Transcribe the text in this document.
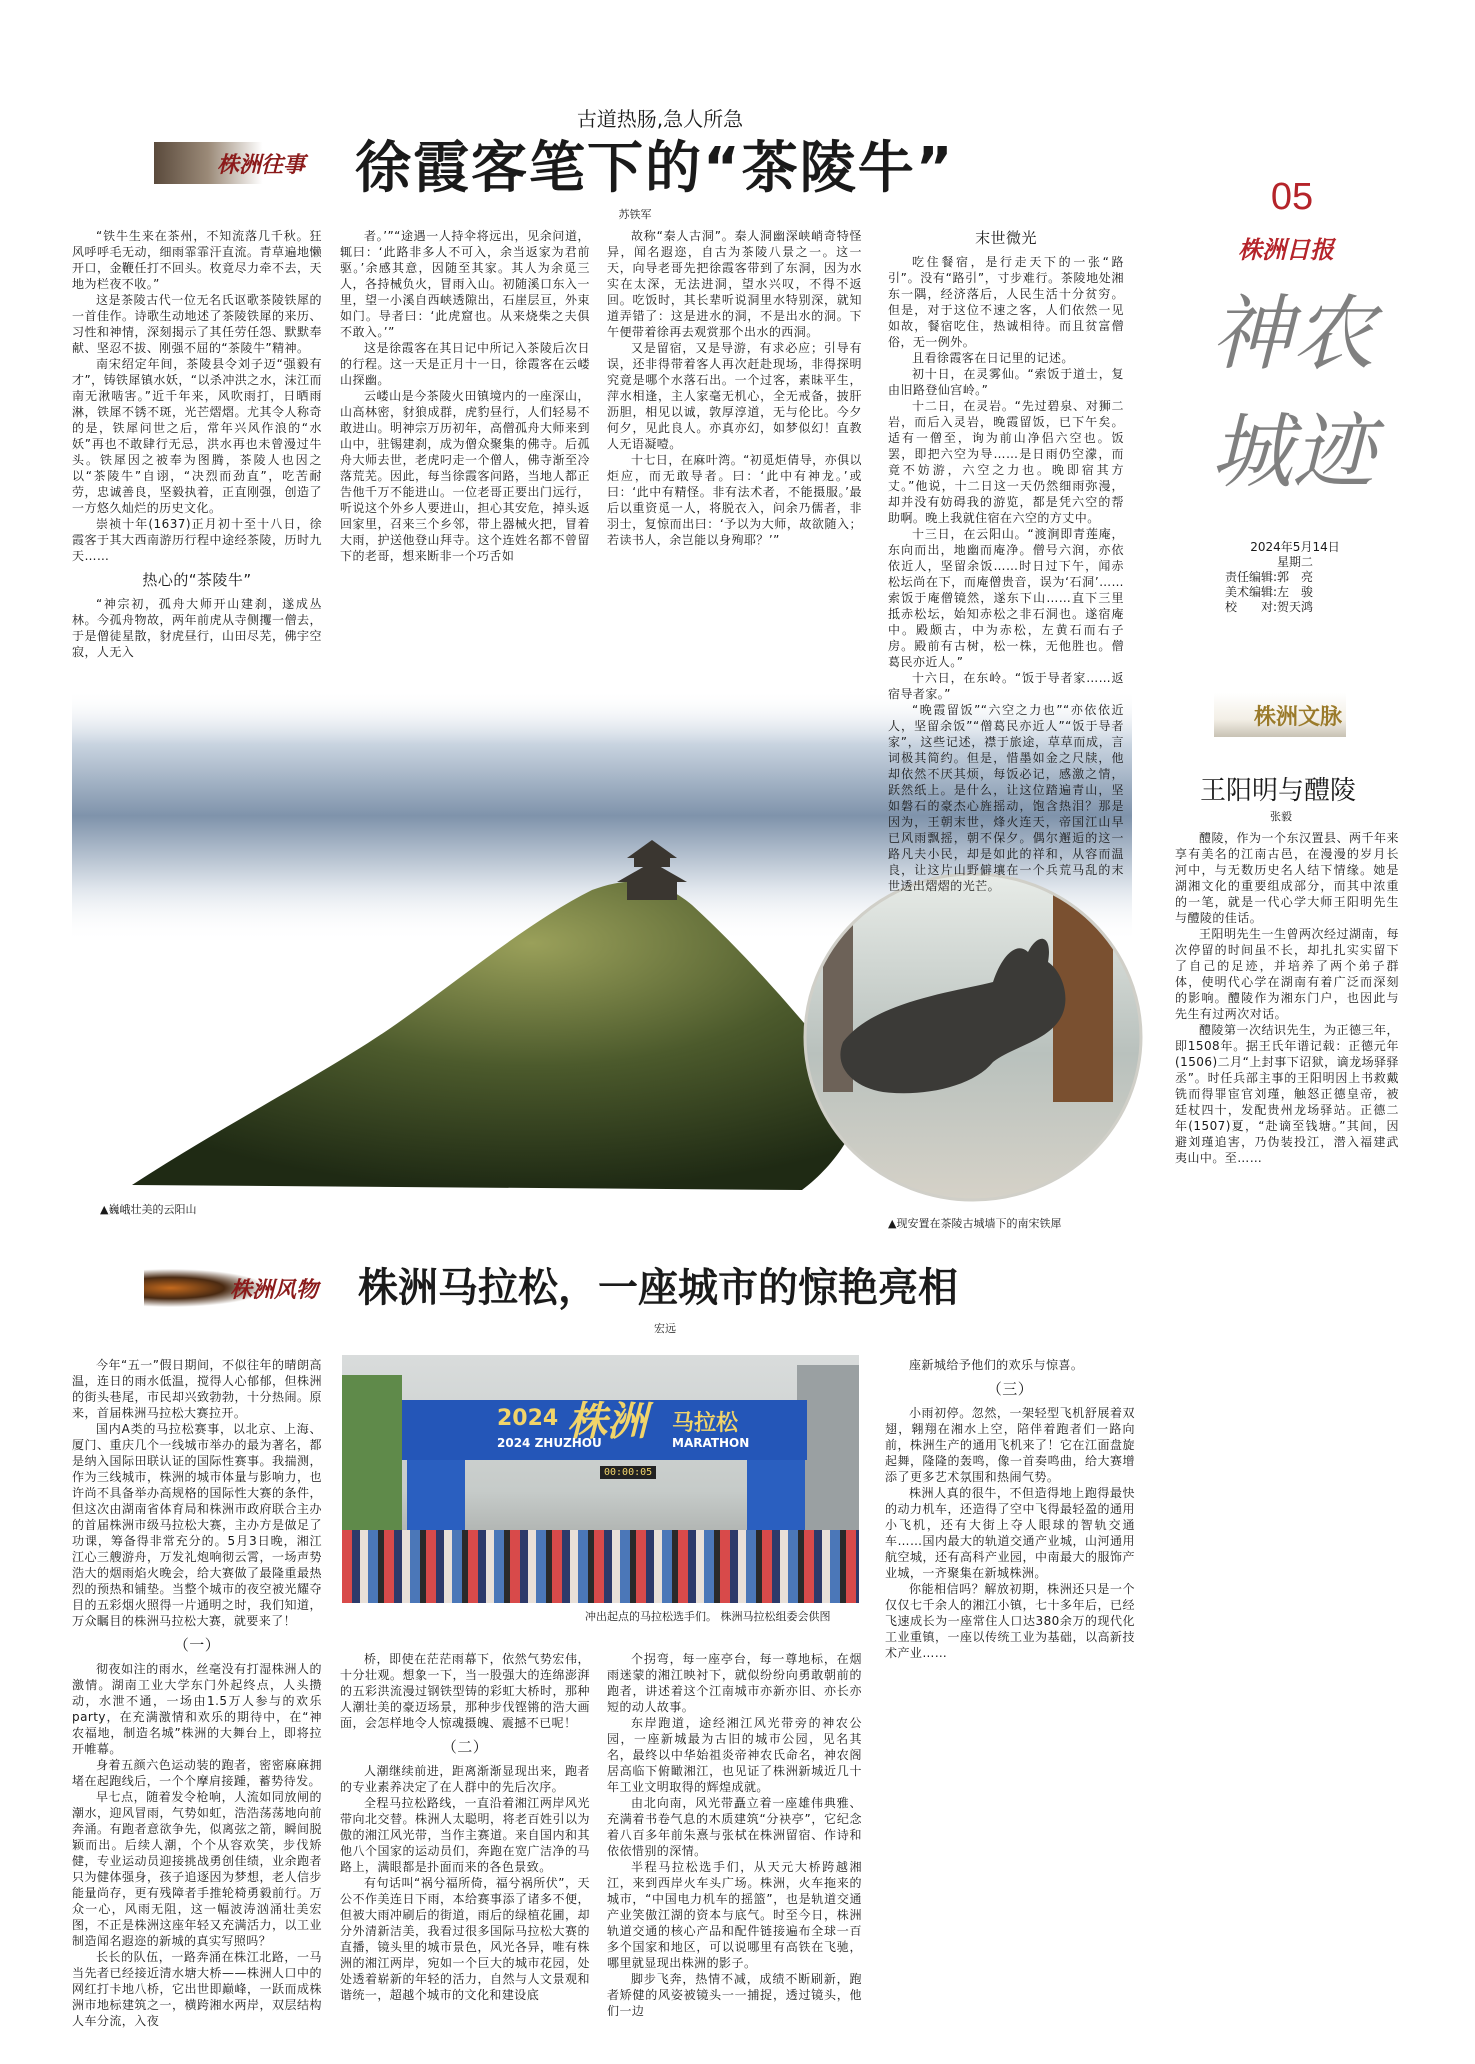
05
株洲日报
神农城迹
2024年5月14日
星期二
责任编辑:郭　亮
美术编辑:左　骏
校　　对:贺天鸿
株洲往事
古道热肠,急人所急
徐霞客笔下的“茶陵牛”
苏铁军
▲巍峨壮美的云阳山
▲现安置在茶陵古城墙下的南宋铁犀

“铁牛生来在茶州，不知流落几千秋。狂风呼呼毛无动，细雨霏霏汗直流。青草遍地懒开口，金鞭任打不回头。枚竟尽力牵不去，天地为栏夜不收。”

这是茶陵古代一位无名氏讴歌茶陵铁犀的一首佳作。诗歌生动地述了茶陵铁犀的来历、习性和神情，深刻揭示了其任劳任怨、默默奉献、坚忍不拔、刚强不屈的“茶陵牛”精神。

南宋绍定年间，茶陵县令刘子迈“强毅有才”，铸铁犀镇水妖，“以杀冲洪之水，沫江而南无湫啮害。”近千年来，风吹雨打，日晒雨淋，铁犀不锈不斑，光芒熠熠。尤其令人称奇的是，铁犀问世之后，常年兴风作浪的“水妖”再也不敢肆行无忌，洪水再也未曾漫过牛头。铁犀因之被奉为图腾，茶陵人也因之以“茶陵牛”自诩，“决烈而劲直”，吃苦耐劳，忠诚善良，坚毅执着，正直刚强，创造了一方悠久灿烂的历史文化。

崇祯十年(1637)正月初十至十八日，徐霞客于其大西南游历行程中途经茶陵，历时九天……

热心的“茶陵牛”

“神宗初，孤舟大师开山建刹，遂成丛林。今孤舟物故，两年前虎从寺侧攫一僧去，于是僧徒星散，豺虎昼行，山田尽芜，佛宇空寂，人无入

者。’”“途遇一人持伞将远出，见余问道，辄曰：‘此路非多人不可入，余当返家为君前驱。’余感其意，因随至其家。其人为余觅三人，各持械负火，冒雨入山。初随溪口东入一里，望一小溪自西峡透隙出，石崖层亘，外束如门。导者曰：‘此虎窟也。从来烧柴之夫俱不敢入。’”

这是徐霞客在其日记中所记入茶陵后次日的行程。这一天是正月十一日，徐霞客在云嵝山探幽。

云嵝山是今茶陵火田镇境内的一座深山，山高林密，豺狼成群，虎豹昼行，人们轻易不敢进山。明神宗万历初年，高僧孤舟大师来到山中，驻锡建刹，成为僧众聚集的佛寺。后孤舟大师去世，老虎叼走一个僧人，佛寺渐至冷落荒芜。因此，每当徐霞客问路，当地人都正告他千万不能进山。一位老哥正要出门远行，听说这个外乡人要进山，担心其安危，掉头返回家里，召来三个乡邻，带上器械火把，冒着大雨，护送他登山拜寺。这个连姓名都不曾留下的老哥，想来断非一个巧舌如

故称“秦人古洞”。秦人洞幽深峡峭奇特怪异，闻名遐迩，自古为茶陵八景之一。这一天，向导老哥先把徐霞客带到了东洞，因为水实在太深，无法进洞，望水兴叹，不得不返回。吃饭时，其长辈听说洞里水特别深，就知道弄错了：这是进水的洞，不是出水的洞。下午便带着徐再去观赏那个出水的西洞。

又是留宿，又是导游，有求必应；引导有误，还非得带着客人再次赶赴现场，非得探明究竟是哪个水落石出。一个过客，素昧平生，萍水相逢，主人家毫无机心，全无戒备，披肝沥胆，相见以诚，敦厚淳道，无与伦比。今夕何夕，见此良人。亦真亦幻，如梦似幻！直教人无语凝噎。

十七日，在麻叶湾。“初觅炬倩导，亦俱以炬应，而无敢导者。曰：‘此中有神龙。’或曰：‘此中有精怪。非有法术者，不能摄服。’最后以重资觅一人，将脱衣入，问余乃儒者，非羽士，复惊而出曰：‘予以为大师，故欲随入；若读书人，余岂能以身殉耶？’”

末世微光

吃住餐宿，是行走天下的一张“路引”。没有“路引”，寸步难行。茶陵地处湘东一隅，经济落后，人民生活十分贫穷。但是，对于这位不速之客，人们依然一见如故，餐宿吃住，热诚相待。而且贫富僧俗，无一例外。

且看徐霞客在日记里的记述。

初十日，在灵雾仙。“索饭于道士，复由旧路登仙宫岭。”

十二日，在灵岩。“先过碧泉、对狮二岩，而后入灵岩，晚霞留饭，已下午矣。适有一僧至，询为前山净侣六空也。饭罢，即把六空为导……是日雨仍空濛，而竟不妨游，六空之力也。晚即宿其方丈。”他说，十二日这一天仍然细雨弥漫，却并没有妨碍我的游览，都是凭六空的帮助啊。晚上我就住宿在六空的方丈中。

十三日，在云阳山。“渡涧即青莲庵，东向而出，地幽而庵净。僧号六润，亦依依近人，坚留余饭……时日过下午，闻赤松坛尚在下，而庵僧贵音，误为‘石洞’……索饭于庵僧镜然，遂东下山……直下三里抵赤松坛，始知赤松之非石洞也。遂宿庵中。殿颇古，中为赤松，左黄石而右子房。殿前有古树，松一株，无他胜也。僧葛民亦近人。”

十六日，在东岭。“饭于导者家……返宿导者家。”

“晚霞留饭”“六空之力也”“亦依依近人，坚留余饭”“僧葛民亦近人”“饭于导者家”，这些记述，襟于旅途，草草而成，言词极其简约。但是，惜墨如金之尺牍，他却依然不厌其烦，每饭必记，感激之情，跃然纸上。是什么，让这位踏遍青山，坚如磐石的豪杰心旌摇动，饱含热泪？那是因为，王朝末世，烽火连天，帝国江山早已风雨飘摇，朝不保夕。偶尔邂逅的这一路凡夫小民，却是如此的祥和，从容而温良，让这片山野僻壤在一个兵荒马乱的末世透出熠熠的光芒。

株洲文脉
王阳明与醴陵
张毅

醴陵，作为一个东汉置县、两千年来享有美名的江南古邑，在漫漫的岁月长河中，与无数历史名人结下情缘。她是湖湘文化的重要组成部分，而其中浓重的一笔，就是一代心学大师王阳明先生与醴陵的佳话。

王阳明先生一生曾两次经过湖南，每次停留的时间虽不长，却扎扎实实留下了自己的足迹，并培养了两个弟子群体，使明代心学在湖南有着广泛而深刻的影响。醴陵作为湘东门户，也因此与先生有过两次对话。

醴陵第一次结识先生，为正德三年，即1508年。据王氏年谱记载：正德元年(1506)二月“上封事下诏狱，谪龙场驿驿丞”。时任兵部主事的王阳明因上书救戴铣而得罪宦官刘瑾，触怒正德皇帝，被廷杖四十，发配贵州龙场驿站。正德二年(1507)夏，“赴谪至钱塘。”其间，因避刘瑾追害，乃伪装投江，潜入福建武夷山中。至……

株洲风物 株洲马拉松，一座城市的惊艳亮相
宏远
2024 株洲 马拉松
2024 ZHUZHOU	MARATHON
00:00:05
冲出起点的马拉松选手们。 株洲马拉松组委会供图

今年“五一”假日期间，不似往年的晴朗高温，连日的雨水低温，搅得人心郁郁，但株洲的街头巷尾，市民却兴致勃勃，十分热闹。原来，首届株洲马拉松大赛拉开。

国内A类的马拉松赛事，以北京、上海、厦门、重庆几个一线城市举办的最为著名，都是纳入国际田联认证的国际性赛事。我揣测，作为三线城市，株洲的城市体量与影响力，也许尚不具备举办高规格的国际性大赛的条件，但这次由湖南省体育局和株洲市政府联合主办的首届株洲市级马拉松大赛，主办方是做足了功课，筹备得非常充分的。5月3日晚，湘江江心三艘游舟，万发礼炮响彻云霄，一场声势浩大的烟雨焰火晚会，给大赛做了最隆重最热烈的预热和铺垫。当整个城市的夜空被光耀夺目的五彩烟火照得一片通明之时，我们知道，万众瞩目的株洲马拉松大赛，就要来了！

（一）

彻夜如注的雨水，丝毫没有打湿株洲人的激情。湖南工业大学东门外起终点，人头攒动，水泄不通，一场由1.5万人参与的欢乐party，在充满激情和欢乐的期待中，在“神农福地，制造名城”株洲的大舞台上，即将拉开帷幕。

身着五颜六色运动装的跑者，密密麻麻拥堵在起跑线后，一个个摩肩接踵，蓄势待发。

早七点，随着发令枪响，人流如同放闸的潮水，迎风冒雨，气势如虹，浩浩荡荡地向前奔涌。有跑者意欲争先，似离弦之箭，瞬间脱颖而出。后续人潮，个个从容欢笑，步伐矫健，专业运动员迎接挑战勇创佳绩，业余跑者只为健体强身，孩子追逐因为梦想，老人信步能量尚存，更有残障者手推轮椅勇毅前行。万众一心，风雨无阻，这一幅波涛汹涌壮美宏图，不正是株洲这座年轻又充满活力，以工业制造闻名遐迩的新城的真实写照吗？

长长的队伍，一路奔涌在株江北路，一马当先者已经接近清水塘大桥——株洲人口中的网红打卡地八桥，它出世即巅峰，一跃而成株洲市地标建筑之一，横跨湘水两岸，双层结构人车分流，入夜

桥，即使在茫茫雨幕下，依然气势宏伟，十分壮观。想象一下，当一股强大的连绵澎湃的五彩洪流漫过钢铁型铸的彩虹大桥时，那种人潮壮美的豪迈场景，那种步伐铿锵的浩大画面，会怎样地令人惊魂摄魄、震撼不已呢！

（二）

人潮继续前进，距离渐渐显现出来，跑者的专业素养决定了在人群中的先后次序。

全程马拉松路线，一直沿着湘江两岸风光带向北交替。株洲人太聪明，将老百姓引以为傲的湘江风光带，当作主赛道。来自国内和其他八个国家的运动员们，奔跑在宽广洁净的马路上，满眼都是扑面而来的各色景致。

有句话叫“祸兮福所倚，福兮祸所伏”，天公不作美连日下雨，本给赛事添了诸多不便，但被大雨冲刷后的街道，雨后的绿植花圃，却分外清新洁美，我看过很多国际马拉松大赛的直播，镜头里的城市景色，风光各异，唯有株洲的湘江两岸，宛如一个巨大的城市花园，处处透着崭新的年轻的活力，自然与人文景观和谐统一，超越个城市的文化和建设底

个拐弯，每一座亭台，每一尊地标，在烟雨迷蒙的湘江映衬下，就似纷纷向勇敢朝前的跑者，讲述着这个江南城市亦新亦旧、亦长亦短的动人故事。

东岸跑道，途经湘江风光带旁的神农公园，一座新城最为古旧的城市公园，见名其名，最终以中华始祖炎帝神农氏命名，神农阁居高临下俯瞰湘江，也见证了株洲新城近几十年工业文明取得的辉煌成就。

由北向南，风光带矗立着一座雄伟典雅、充满着书卷气息的木质建筑“分袂亭”，它纪念着八百多年前朱熹与张栻在株洲留宿、作诗和依依惜别的深情。

半程马拉松选手们，从天元大桥跨越湘江，来到西岸火车头广场。株洲，火车拖来的城市，“中国电力机车的摇篮”，也是轨道交通产业笑傲江湖的资本与底气。时至今日，株洲轨道交通的核心产品和配件链接遍布全球一百多个国家和地区，可以说哪里有高铁在飞驰，哪里就显现出株洲的影子。

脚步飞奔，热情不减，成绩不断刷新，跑者矫健的风姿被镜头一一捕捉，透过镜头，他们一边

座新城给予他们的欢乐与惊喜。

（三）

小雨初停。忽然，一架轻型飞机舒展着双翅，翱翔在湘水上空，陪伴着跑者们一路向前，株洲生产的通用飞机来了！它在江面盘旋起舞，隆隆的轰鸣，像一首奏鸣曲，给大赛增添了更多艺术氛围和热闹气势。

株洲人真的很牛，不但造得地上跑得最快的动力机车，还造得了空中飞得最轻盈的通用小飞机，还有大街上夺人眼球的智轨交通车……国内最大的轨道交通产业城，山河通用航空城，还有高科产业园，中南最大的服饰产业城，一齐聚集在新城株洲。

你能相信吗？解放初期，株洲还只是一个仅仅七千余人的湘江小镇，七十多年后，已经飞速成长为一座常住人口达380余万的现代化工业重镇，一座以传统工业为基础，以高新技术产业……
